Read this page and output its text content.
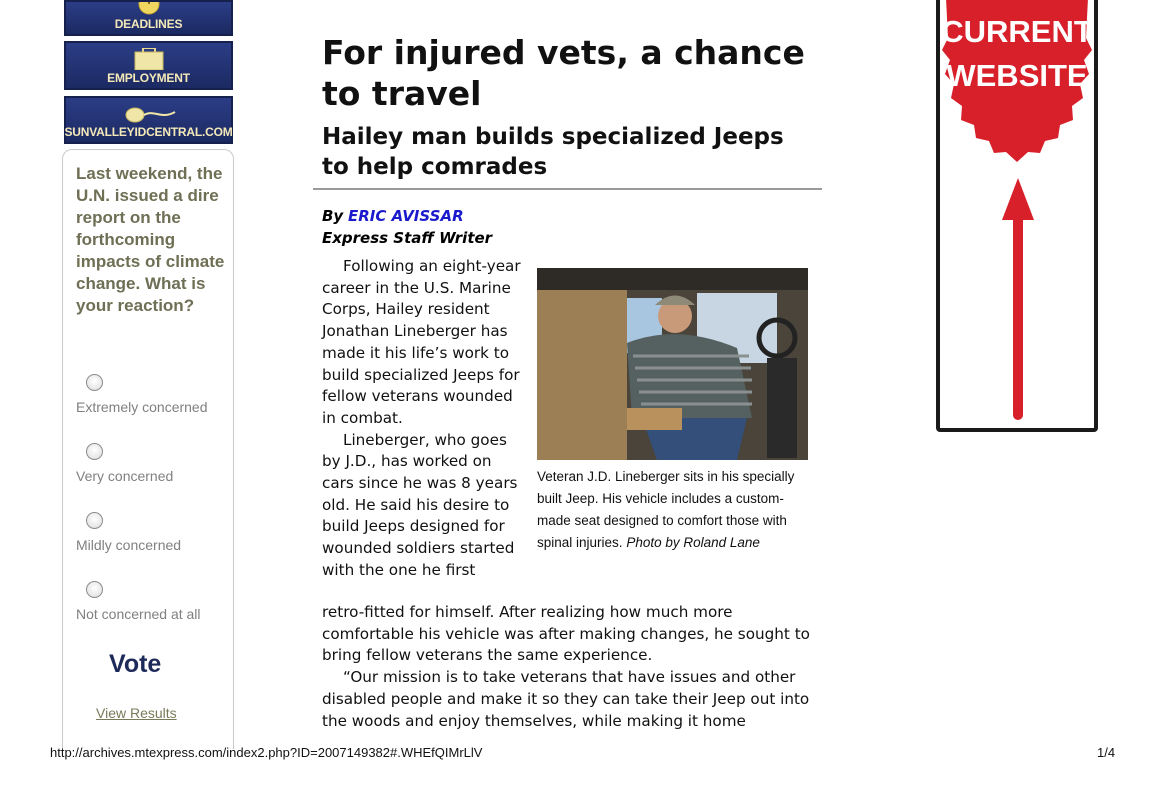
DEADLINES
EMPLOYMENT
SUNVALLEYIDCENTRAL.COM
Last weekend, the U.N. issued a dire report on the forthcoming impacts of climate change. What is your reaction?
Extremely concerned
Very concerned
Mildly concerned
Not concerned at all
Vote
View Results
For injured vets, a chance to travel
Hailey man builds specialized Jeeps to help comrades
By ERIC AVISSAR
Express Staff Writer

Following an eight-year career in the U.S. Marine Corps, Hailey resident Jonathan Lineberger has made it his life’s work to build specialized Jeeps for fellow veterans wounded in combat.

Lineberger, who goes by J.D., has worked on cars since he was 8 years old. He said his desire to build Jeeps designed for wounded soldiers started with the one he first

Veteran J.D. Lineberger sits in his specially built Jeep. His vehicle includes a custom-made seat designed to comfort those with spinal injuries. Photo by Roland Lane

retro-fitted for himself. After realizing how much more comfortable his vehicle was after making changes, he sought to bring fellow veterans the same experience.

“Our mission is to take veterans that have issues and other disabled people and make it so they can take their Jeep out into the woods and enjoy themselves, while making it home

CURRENT
WEBSITE
http://archives.mtexpress.com/index2.php?ID=2007149382#.WHEfQIMrLlV	1/4
